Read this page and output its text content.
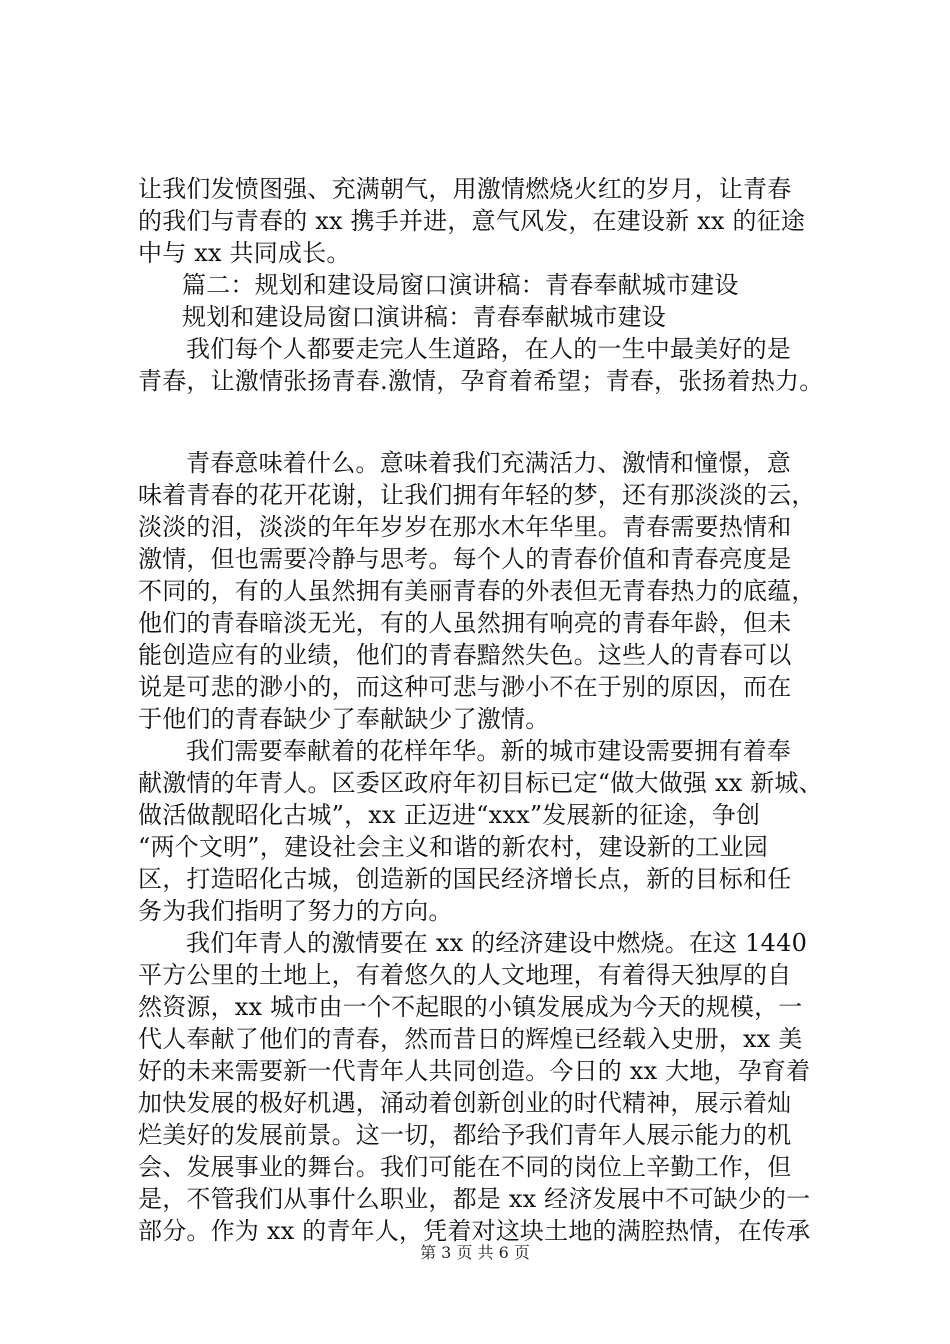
让我们发愤图强、充满朝气，用激情燃烧火红的岁月，让青春
的我们与青春的 xx 携手并进，意气风发，在建设新 xx 的征途
中与 xx 共同成长。
篇二：规划和建设局窗口演讲稿：青春奉献城市建设
规划和建设局窗口演讲稿：青春奉献城市建设
我们每个人都要走完人生道路，在人的一生中最美好的是
青春，让激情张扬青春.激情，孕育着希望；青春，张扬着热力。
青春意味着什么。意味着我们充满活力、激情和憧憬，意
味着青春的花开花谢，让我们拥有年轻的梦，还有那淡淡的云，
淡淡的泪，淡淡的年年岁岁在那水木年华里。青春需要热情和
激情，但也需要冷静与思考。每个人的青春价值和青春亮度是
不同的，有的人虽然拥有美丽青春的外表但无青春热力的底蕴，
他们的青春暗淡无光，有的人虽然拥有响亮的青春年龄，但未
能创造应有的业绩，他们的青春黯然失色。这些人的青春可以
说是可悲的渺小的，而这种可悲与渺小不在于别的原因，而在
于他们的青春缺少了奉献缺少了激情。
我们需要奉献着的花样年华。新的城市建设需要拥有着奉
献激情的年青人。区委区政府年初目标已定“做大做强 xx 新城、
做活做靓昭化古城”，xx 正迈进“xxx”发展新的征途，争创
“两个文明”，建设社会主义和谐的新农村，建设新的工业园
区，打造昭化古城，创造新的国民经济增长点，新的目标和任
务为我们指明了努力的方向。
我们年青人的激情要在 xx 的经济建设中燃烧。在这 1440
平方公里的土地上，有着悠久的人文地理，有着得天独厚的自
然资源，xx 城市由一个不起眼的小镇发展成为今天的规模，一
代人奉献了他们的青春，然而昔日的辉煌已经载入史册，xx 美
好的未来需要新一代青年人共同创造。今日的 xx 大地，孕育着
加快发展的极好机遇，涌动着创新创业的时代精神，展示着灿
烂美好的发展前景。这一切，都给予我们青年人展示能力的机
会、发展事业的舞台。我们可能在不同的岗位上辛勤工作，但
是，不管我们从事什么职业，都是 xx 经济发展中不可缺少的一
部分。作为 xx 的青年人，凭着对这块土地的满腔热情，在传承
第 3 页 共 6 页
